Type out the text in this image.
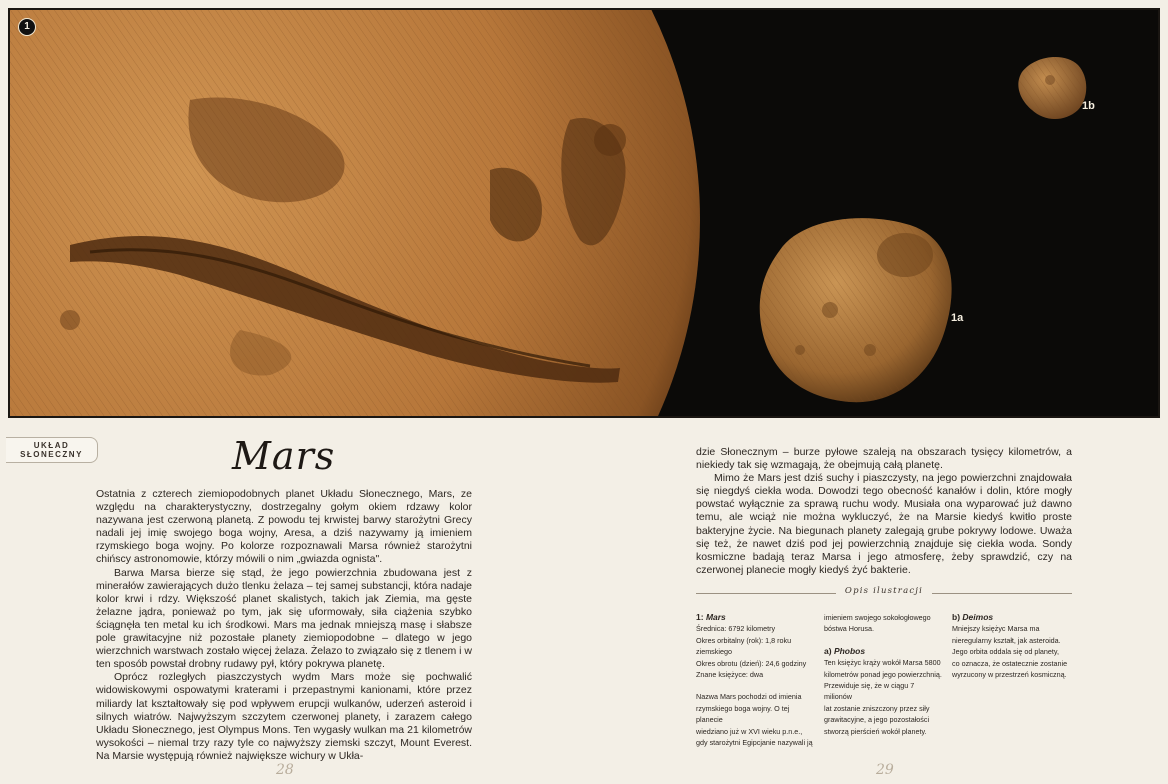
1
1a
1b
UKŁAD
SŁONECZNY	Mars

Ostatnia z czterech ziemiopodobnych planet Układu Słonecznego, Mars, ze względu na charakterystyczny, dostrzegalny gołym okiem rdzawy kolor nazywana jest czerwoną planetą. Z powodu tej krwistej barwy starożytni Grecy nadali jej imię swojego boga wojny, Aresa, a dziś nazywamy ją imieniem rzymskiego boga wojny. Po kolorze rozpoznawali Marsa również starożytni chińscy astronomowie, którzy mówili o nim „gwiazda ognista".

Barwa Marsa bierze się stąd, że jego powierzchnia zbudowana jest z minerałów zawierających dużo tlenku żelaza – tej samej substancji, która nadaje kolor krwi i rdzy. Większość planet skalistych, takich jak Ziemia, ma gęste żelazne jądra, ponieważ po tym, jak się uformowały, siła ciążenia szybko ściągnęła ten metal ku ich środkowi. Mars ma jednak mniejszą masę i słabsze pole grawitacyjne niż pozostałe planety ziemiopodobne – dlatego w jego wierzchnich warstwach zostało więcej żelaza. Żelazo to związało się z tlenem i w ten sposób powstał drobny rudawy pył, który pokrywa planetę.

Oprócz rozległych piaszczystych wydm Mars może się pochwalić widowiskowymi ospowatymi kraterami i przepastnymi kanionami, które przez miliardy lat kształtowały się pod wpływem erupcji wulkanów, uderzeń asteroid i silnych wiatrów. Najwyższym szczytem czerwonej planety, i zarazem całego Układu Słonecznego, jest Olympus Mons. Ten wygasły wulkan ma 21 kilometrów wysokości – niemal trzy razy tyle co najwyższy ziemski szczyt, Mount Everest. Na Marsie występują również największe wichury w Ukła-

28

dzie Słonecznym – burze pyłowe szaleją na obszarach tysięcy kilometrów, a niekiedy tak się wzmagają, że obejmują całą planetę.

Mimo że Mars jest dziś suchy i piaszczysty, na jego powierzchni znajdowała się niegdyś ciekła woda. Dowodzi tego obecność kanałów i dolin, które mogły powstać wyłącznie za sprawą ruchu wody. Musiała ona wyparować już dawno temu, ale wciąż nie można wykluczyć, że na Marsie kiedyś kwitło proste bakteryjne życie. Na biegunach planety zalegają grube pokrywy lodowe. Uważa się też, że nawet dziś pod jej powierzchnią znajduje się ciekła woda. Sondy kosmiczne badają teraz Marsa i jego atmosferę, żeby sprawdzić, czy na czerwonej planecie mogły kiedyś żyć bakterie.

Opis ilustracji
1: Mars
Średnica: 6792 kilometry
Okres orbitalny (rok): 1,8 roku
ziemskiego
Okres obrotu (dzień): 24,6 godziny
Znane księżyce: dwa
Nazwa Mars pochodzi od imienia
rzymskiego boga wojny. O tej planecie
wiedziano już w XVI wieku p.n.e.,
gdy starożytni Egipcjanie nazywali ją
imieniem swojego sokołogłowego
bóstwa Horusa.
a) Phobos
Ten księżyc krąży wokół Marsa 5800
kilometrów ponad jego powierzchnią.
Przewiduje się, że w ciągu 7 milionów
lat zostanie zniszczony przez siły
grawitacyjne, a jego pozostałości
stworzą pierścień wokół planety.
b) Deimos
Mniejszy księżyc Marsa ma
nieregularny kształt, jak asteroida.
Jego orbita oddala się od planety,
co oznacza, że ostatecznie zostanie
wyrzucony w przestrzeń kosmiczną.
29
